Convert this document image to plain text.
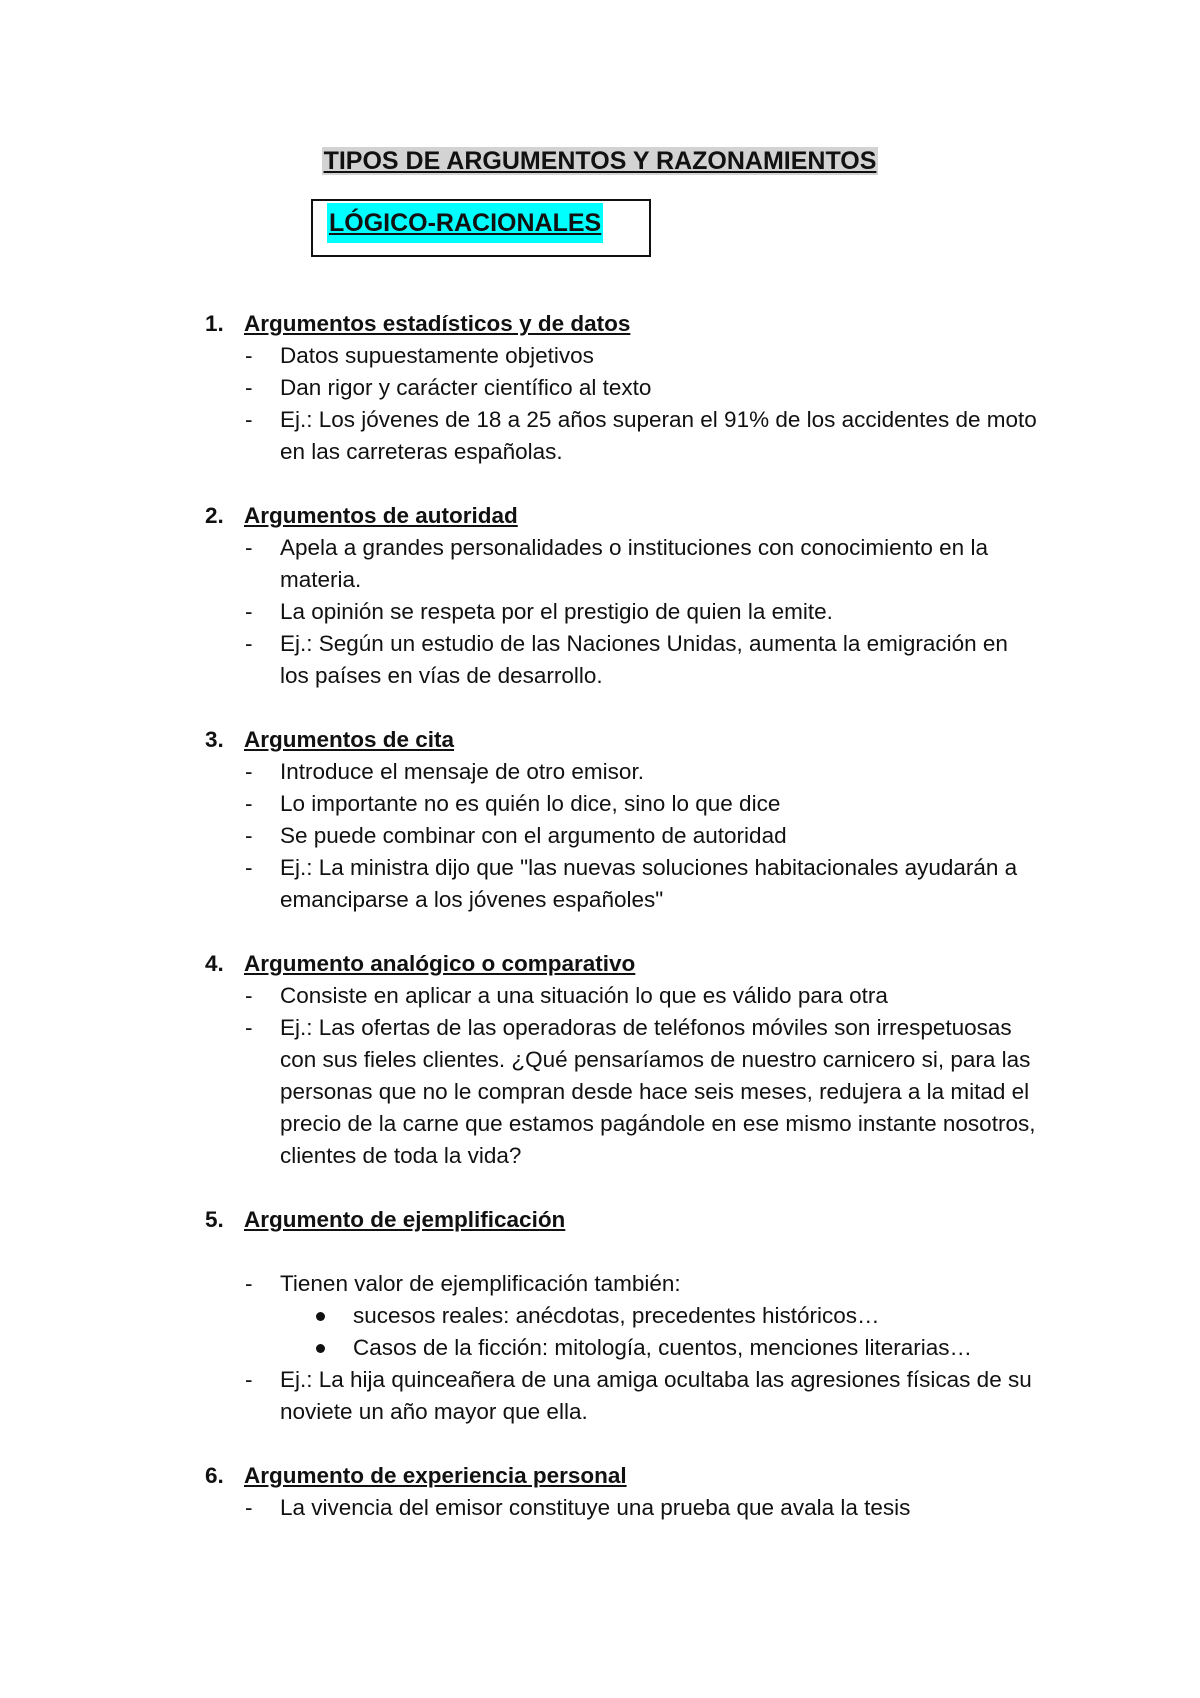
TIPOS DE ARGUMENTOS Y RAZONAMIENTOS
LÓGICO-RACIONALES
1. Argumentos estadísticos y de datos
- Datos supuestamente objetivos
- Dan rigor y carácter científico al texto
- Ej.: Los jóvenes de 18 a 25 años superan el 91% de los accidentes de moto en las carreteras españolas.
2. Argumentos de autoridad
- Apela a grandes personalidades o instituciones con conocimiento en la materia.
- La opinión se respeta por el prestigio de quien la emite.
- Ej.: Según un estudio de las Naciones Unidas, aumenta la emigración en los países en vías de desarrollo.
3. Argumentos de cita
- Introduce el mensaje de otro emisor.
- Lo importante no es quién lo dice, sino lo que dice
- Se puede combinar con el argumento de autoridad
- Ej.: La ministra dijo que "las nuevas soluciones habitacionales ayudarán a emanciparse a los jóvenes españoles"
4. Argumento analógico o comparativo
- Consiste en aplicar a una situación lo que es válido para otra
- Ej.: Las ofertas de las operadoras de teléfonos móviles son irrespetuosas con sus fieles clientes. ¿Qué pensaríamos de nuestro carnicero si, para las personas que no le compran desde hace seis meses, redujera a la mitad el precio de la carne que estamos pagándole en ese mismo instante nosotros, clientes de toda la vida?
5. Argumento de ejemplificación
- Tienen valor de ejemplificación también:
sucesos reales: anécdotas, precedentes históricos…
Casos de la ficción: mitología, cuentos, menciones literarias…
- Ej.: La hija quinceañera de una amiga ocultaba las agresiones físicas de su noviete un año mayor que ella.
6. Argumento de experiencia personal
- La vivencia del emisor constituye una prueba que avala la tesis
